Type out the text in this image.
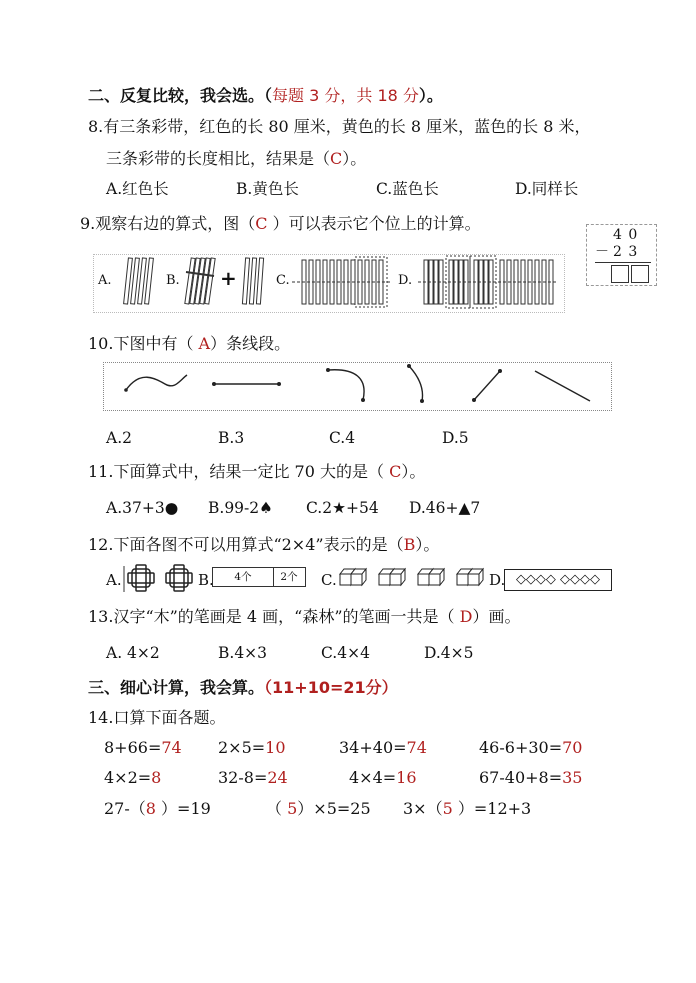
二、反复比较，我会选。（每题 3 分，共 18 分）。
8.有三条彩带，红色的长 80 厘米，黄色的长 8 厘米，蓝色的长 8 米，
三条彩带的长度相比，结果是（C）。
A.红色长	B.黄色长	C.蓝色长	D.同样长
9.观察右边的算式，图（C ）可以表示它个位上的计算。
4 0
－ 2 3
A.	B.	C.	D.
+
10.下图中有（ A）条线段。
A.2	B.3	C.4	D.5
11.下面算式中，结果一定比 70 大的是（ C）。
A.37+3● B.99-2♠ C.2★+54 D.46+▲7
12.下面各图不可以用算式“2×4”表示的是（B）。
A.	B.	C.	D.
4个	2个	◇◇◇◇ ◇◇◇◇
13.汉字“木”的笔画是 4 画，“森林”的笔画一共是（ D）画。
A. 4×2	B.4×3	C.4×4	D.4×5
三、细心计算，我会算。（11+10=21分）
14.口算下面各题。
8+66=74 2×5=10	34+40=74	46-6+30=70
4×2=8	32-8=24	4×4=16	67-40+8=35
27-（8 ）=19	（ 5）×5=25 3×（5 ）=12+3
